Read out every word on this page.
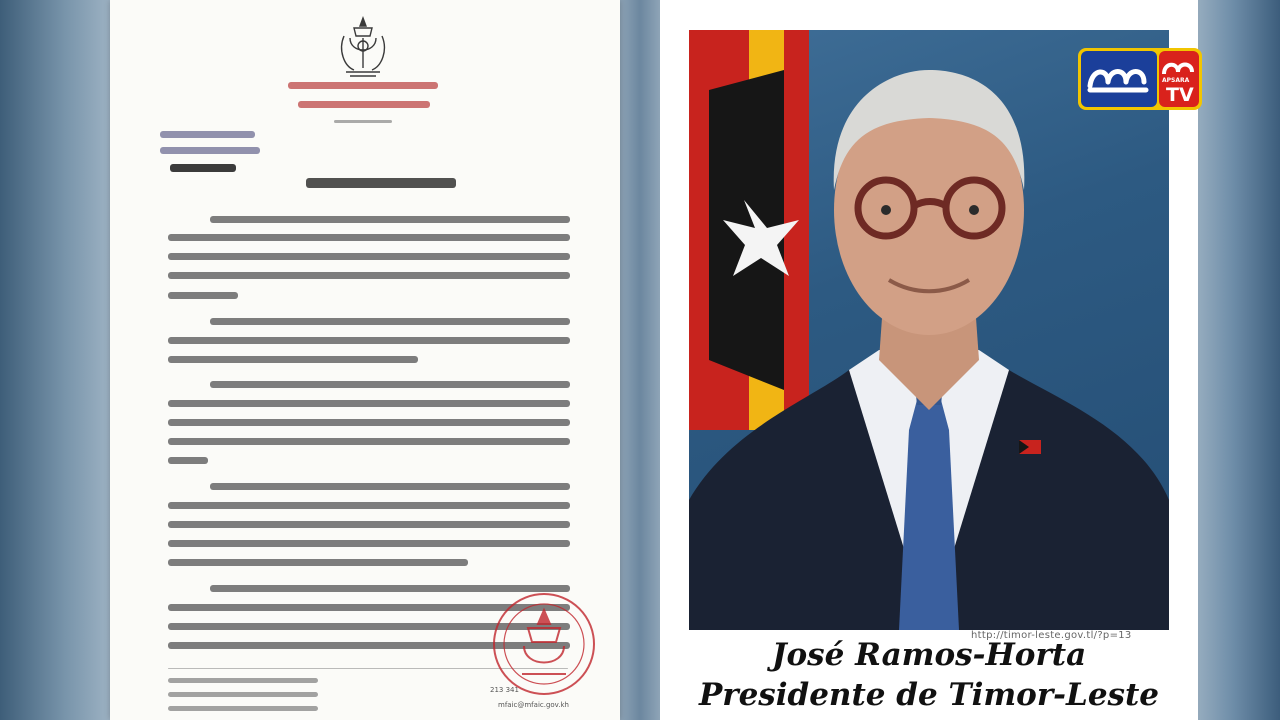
213 341
mfaic@mfaic.gov.kh
http://timor-leste.gov.tl/?p=13
José Ramos-Horta
Presidente de Timor-Leste
APSARA
TV
